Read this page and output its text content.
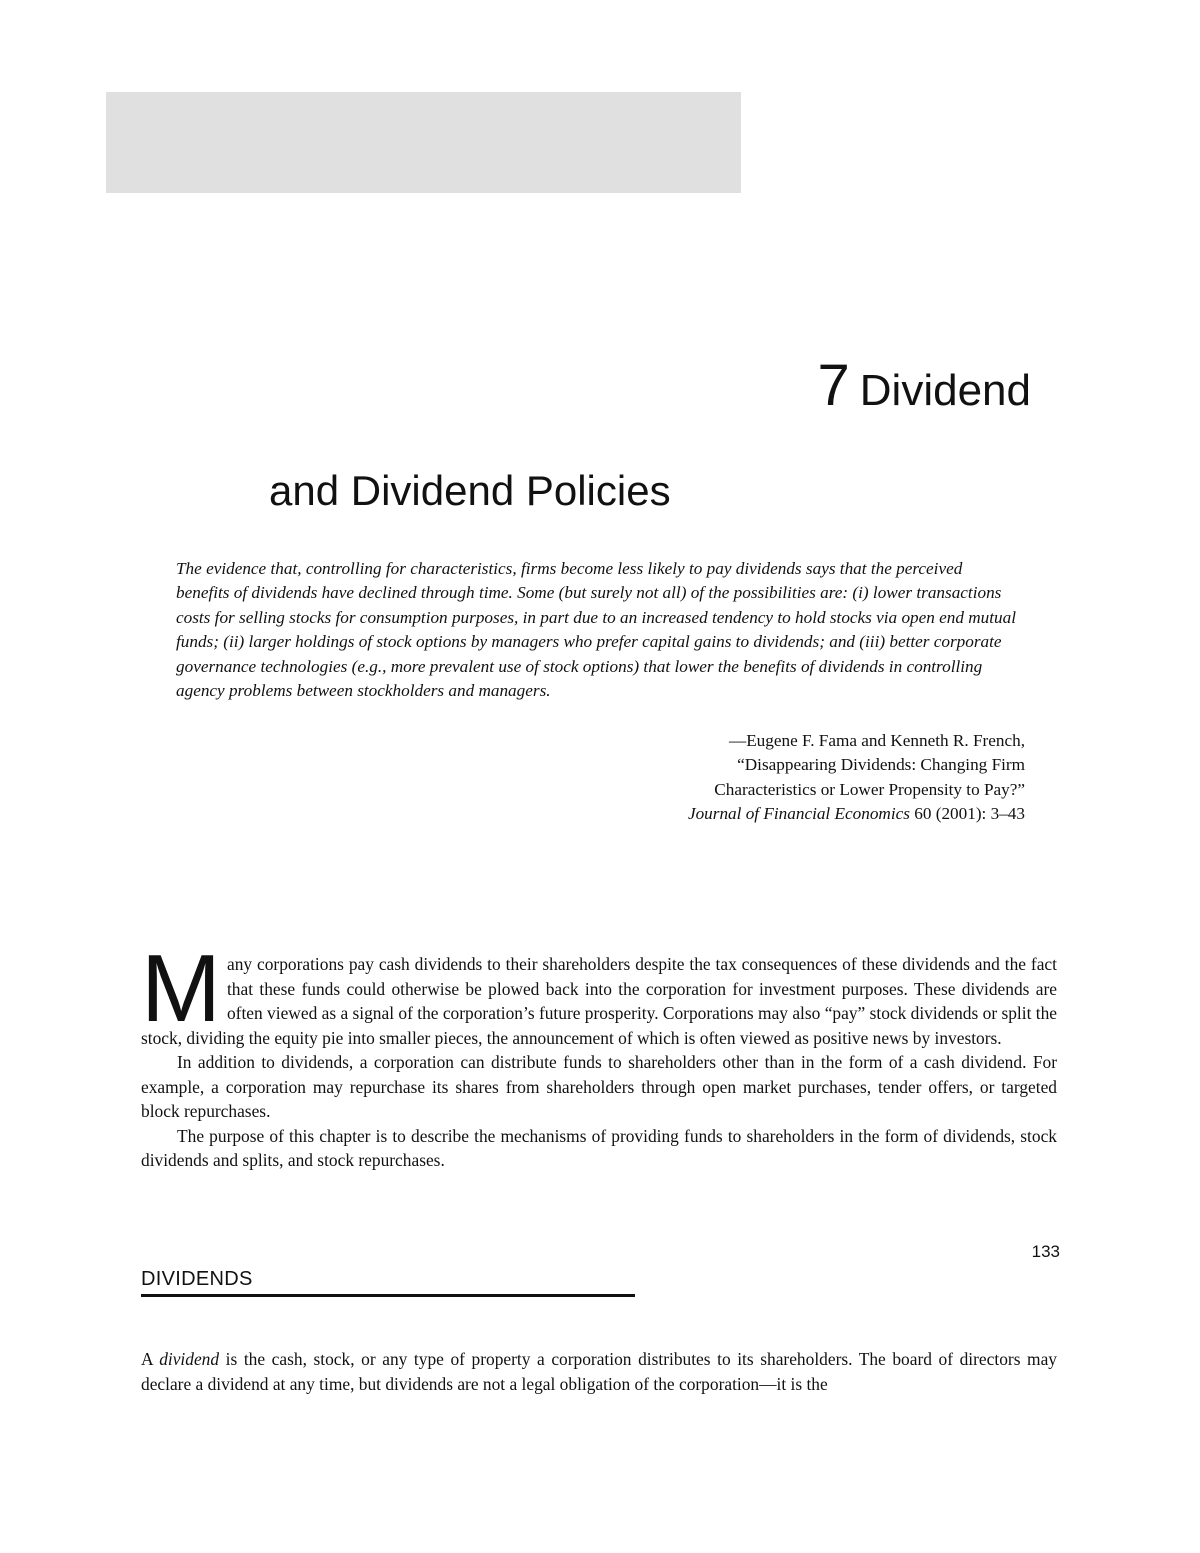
7 Dividend
and Dividend Policies
The evidence that, controlling for characteristics, firms become less likely to pay dividends says that the perceived benefits of dividends have declined through time. Some (but surely not all) of the possibilities are: (i) lower transactions costs for selling stocks for consumption purposes, in part due to an increased tendency to hold stocks via open end mutual funds; (ii) larger holdings of stock options by managers who prefer capital gains to dividends; and (iii) better corporate governance technologies (e.g., more prevalent use of stock options) that lower the benefits of dividends in controlling agency problems between stockholders and managers.
—Eugene F. Fama and Kenneth R. French,
“Disappearing Dividends: Changing Firm
Characteristics or Lower Propensity to Pay?”
Journal of Financial Economics 60 (2001): 3–43

Many corporations pay cash dividends to their shareholders despite the tax consequences of these dividends and the fact that these funds could otherwise be plowed back into the corporation for investment purposes. These dividends are often viewed as a signal of the corporation’s future prosperity. Corporations may also “pay” stock dividends or split the stock, dividing the equity pie into smaller pieces, the announcement of which is often viewed as positive news by investors.

In addition to dividends, a corporation can distribute funds to shareholders other than in the form of a cash dividend. For example, a corporation may repurchase its shares from shareholders through open market purchases, tender offers, or targeted block repurchases.

The purpose of this chapter is to describe the mechanisms of providing funds to shareholders in the form of dividends, stock dividends and splits, and stock repurchases.

133
DIVIDENDS
A dividend is the cash, stock, or any type of property a corporation distributes to its shareholders. The board of directors may declare a dividend at any time, but dividends are not a legal obligation of the corporation—it is the
